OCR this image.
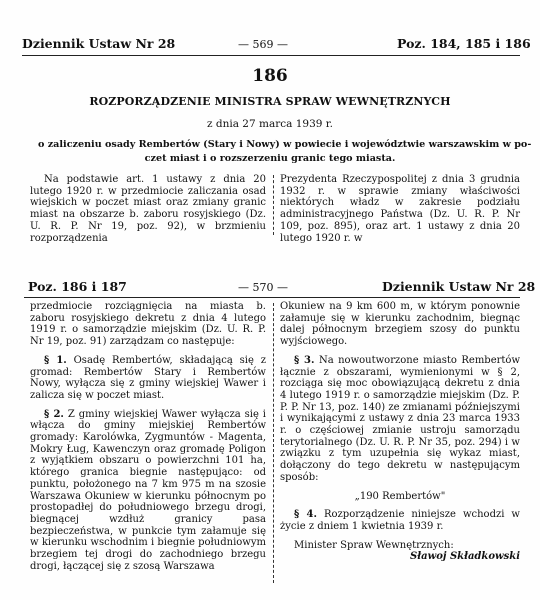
Dziennik Ustaw Nr 28	— 569 —	Poz. 184, 185 i 186
186
ROZPORZĄDZENIE MINISTRA SPRAW WEWNĘTRZNYCH
z dnia 27 marca 1939 r.
o zaliczeniu osady Rembertów (Stary i Nowy) w powiecie i województwie warszawskim w po-
czet miast i o rozszerzeniu granic tego miasta.

Na podstawie art. 1 ustawy z dnia 20 lutego 1920 r. w przedmiocie zaliczania osad wiejskich w poczet miast oraz zmiany granic miast na obszarze b. zaboru rosyjskiego (Dz. U. R. P. Nr 19, poz. 92), w brzmieniu rozporządzenia

Prezydenta Rzeczypospolitej z dnia 3 grudnia 1932 r. w sprawie zmiany właściwości niektórych władz w zakresie podziału administracyjnego Państwa (Dz. U. R. P. Nr 109, poz. 895), oraz art. 1 ustawy z dnia 20 lutego 1920 r. w

Poz. 186 i 187	— 570 —	Dziennik Ustaw Nr 28

przedmiocie rozciągnięcia na miasta b. zaboru rosyjskiego dekretu z dnia 4 lutego 1919 r. o samorządzie miejskim (Dz. U. R. P. Nr 19, poz. 91) zarządzam co następuje:

§ 1. Osadę Rembertów, składającą się z gromad: Rembertów Stary i Rembertów Nowy, wyłącza się z gminy wiejskiej Wawer i zalicza się w poczet miast.

§ 2. Z gminy wiejskiej Wawer wyłącza się i włącza do gminy miejskiej Rembertów gromady: Karolówka, Zygmuntów - Magenta, Mokry Ług, Kawenczyn oraz gromadę Poligon z wyjątkiem obszaru o powierzchni 101 ha, którego granica biegnie następująco: od punktu, położonego na 7 km 975 m na szosie Warszawa Okuniew w kierunku północnym po prostopadłej do południowego brzegu drogi, biegnącej wzdłuż granicy pasa bezpieczeństwa, w punkcie tym załamuje się w kierunku wschodnim i biegnie południowym brzegiem tej drogi do zachodniego brzegu drogi, łączącej się z szosą Warszawa

Okuniew na 9 km 600 m, w którym ponownie załamuje się w kierunku zachodnim, biegnąc dalej północnym brzegiem szosy do punktu wyjściowego.

§ 3. Na nowoutworzone miasto Rembertów łącznie z obszarami, wymienionymi w § 2, rozciąga się moc obowiązującą dekretu z dnia 4 lutego 1919 r. o samorządzie miejskim (Dz. P. P. P. Nr 13, poz. 140) ze zmianami późniejszymi i wynikającymi z ustawy z dnia 23 marca 1933 r. o częściowej zmianie ustroju samorządu terytorialnego (Dz. U. R. P. Nr 35, poz. 294) i w związku z tym uzupełnia się wykaz miast, dołączony do tego dekretu w następującym sposób:

„190 Rembertów"

§ 4. Rozporządzenie niniejsze wchodzi w życie z dniem 1 kwietnia 1939 r.

Minister Spraw Wewnętrznych:

Sławoj Składkowski
